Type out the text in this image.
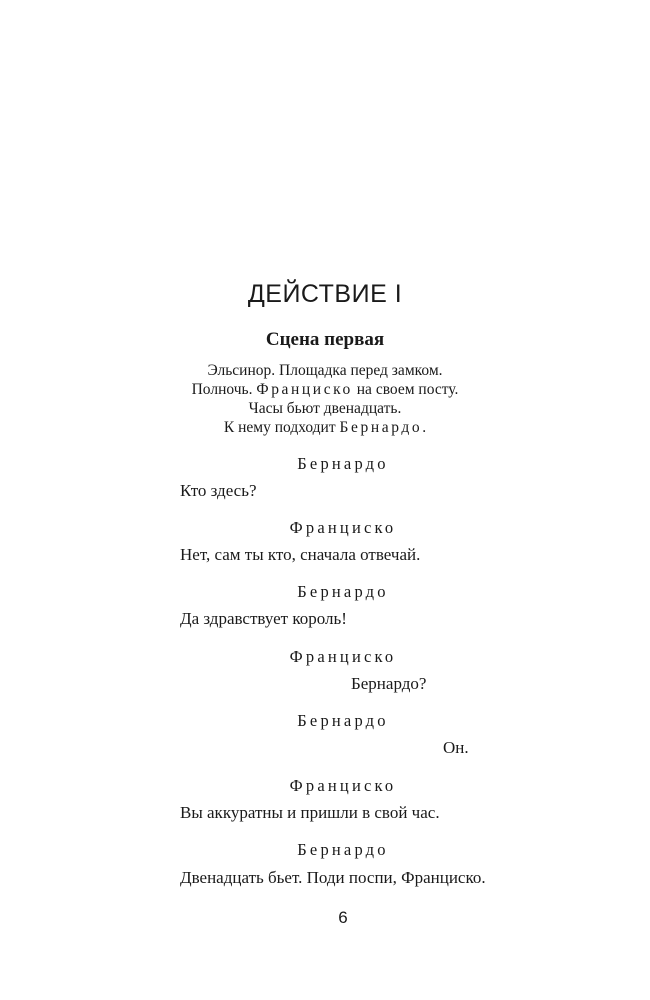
ДЕЙСТВИЕ I
Сцена первая
Эльсинор. Площадка перед замком.
Полночь. Франциско на своем посту.
Часы бьют двенадцать.
К нему подходит Бернардо.
Бернардо
Кто здесь?
Франциско
Нет, сам ты кто, сначала отвечай.
Бернардо
Да здравствует король!
Франциско
Бернардо?
Бернардо
Он.
Франциско
Вы аккуратны и пришли в свой час.
Бернардо
Двенадцать бьет. Поди поспи, Франциско.
6
